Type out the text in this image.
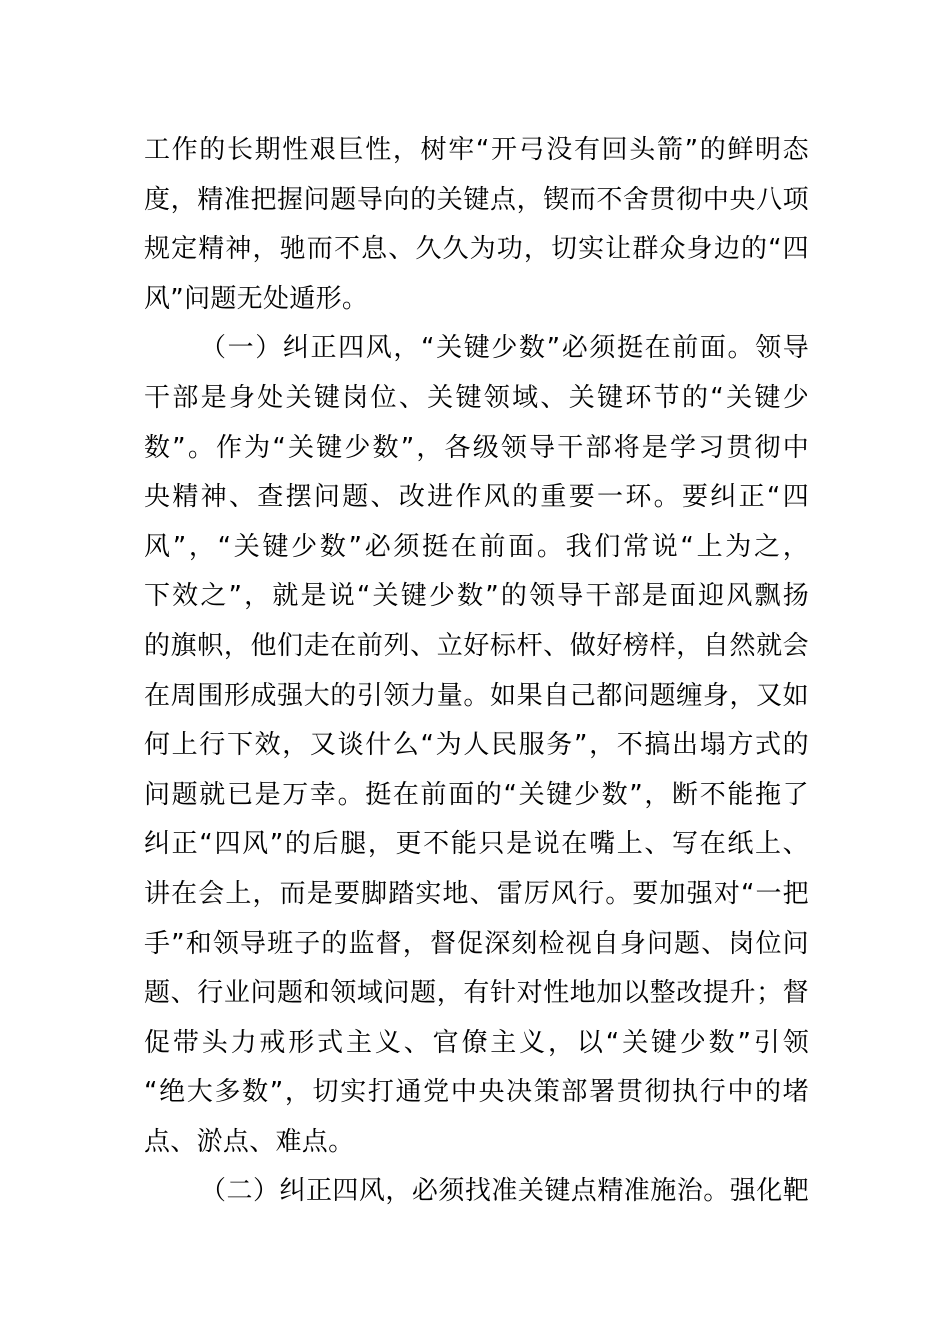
工作的长期性艰巨性，树牢“开弓没有回头箭”的鲜明态
度，精准把握问题导向的关键点，锲而不舍贯彻中央八项
规定精神，驰而不息、久久为功，切实让群众身边的“四
风”问题无处遁形。
（一）纠正四风，“关键少数”必须挺在前面。领导
干部是身处关键岗位、关键领域、关键环节的“关键少
数”。作为“关键少数”，各级领导干部将是学习贯彻中
央精神、查摆问题、改进作风的重要一环。要纠正“四
风”，“关键少数”必须挺在前面。我们常说“上为之，
下效之”，就是说“关键少数”的领导干部是面迎风飘扬
的旗帜，他们走在前列、立好标杆、做好榜样，自然就会
在周围形成强大的引领力量。如果自己都问题缠身，又如
何上行下效，又谈什么“为人民服务”，不搞出塌方式的
问题就已是万幸。挺在前面的“关键少数”，断不能拖了
纠正“四风”的后腿，更不能只是说在嘴上、写在纸上、
讲在会上，而是要脚踏实地、雷厉风行。要加强对“一把
手”和领导班子的监督，督促深刻检视自身问题、岗位问
题、行业问题和领域问题，有针对性地加以整改提升；督
促带头力戒形式主义、官僚主义，以“关键少数”引领
“绝大多数”，切实打通党中央决策部署贯彻执行中的堵
点、淤点、难点。
（二）纠正四风，必须找准关键点精准施治。强化靶
